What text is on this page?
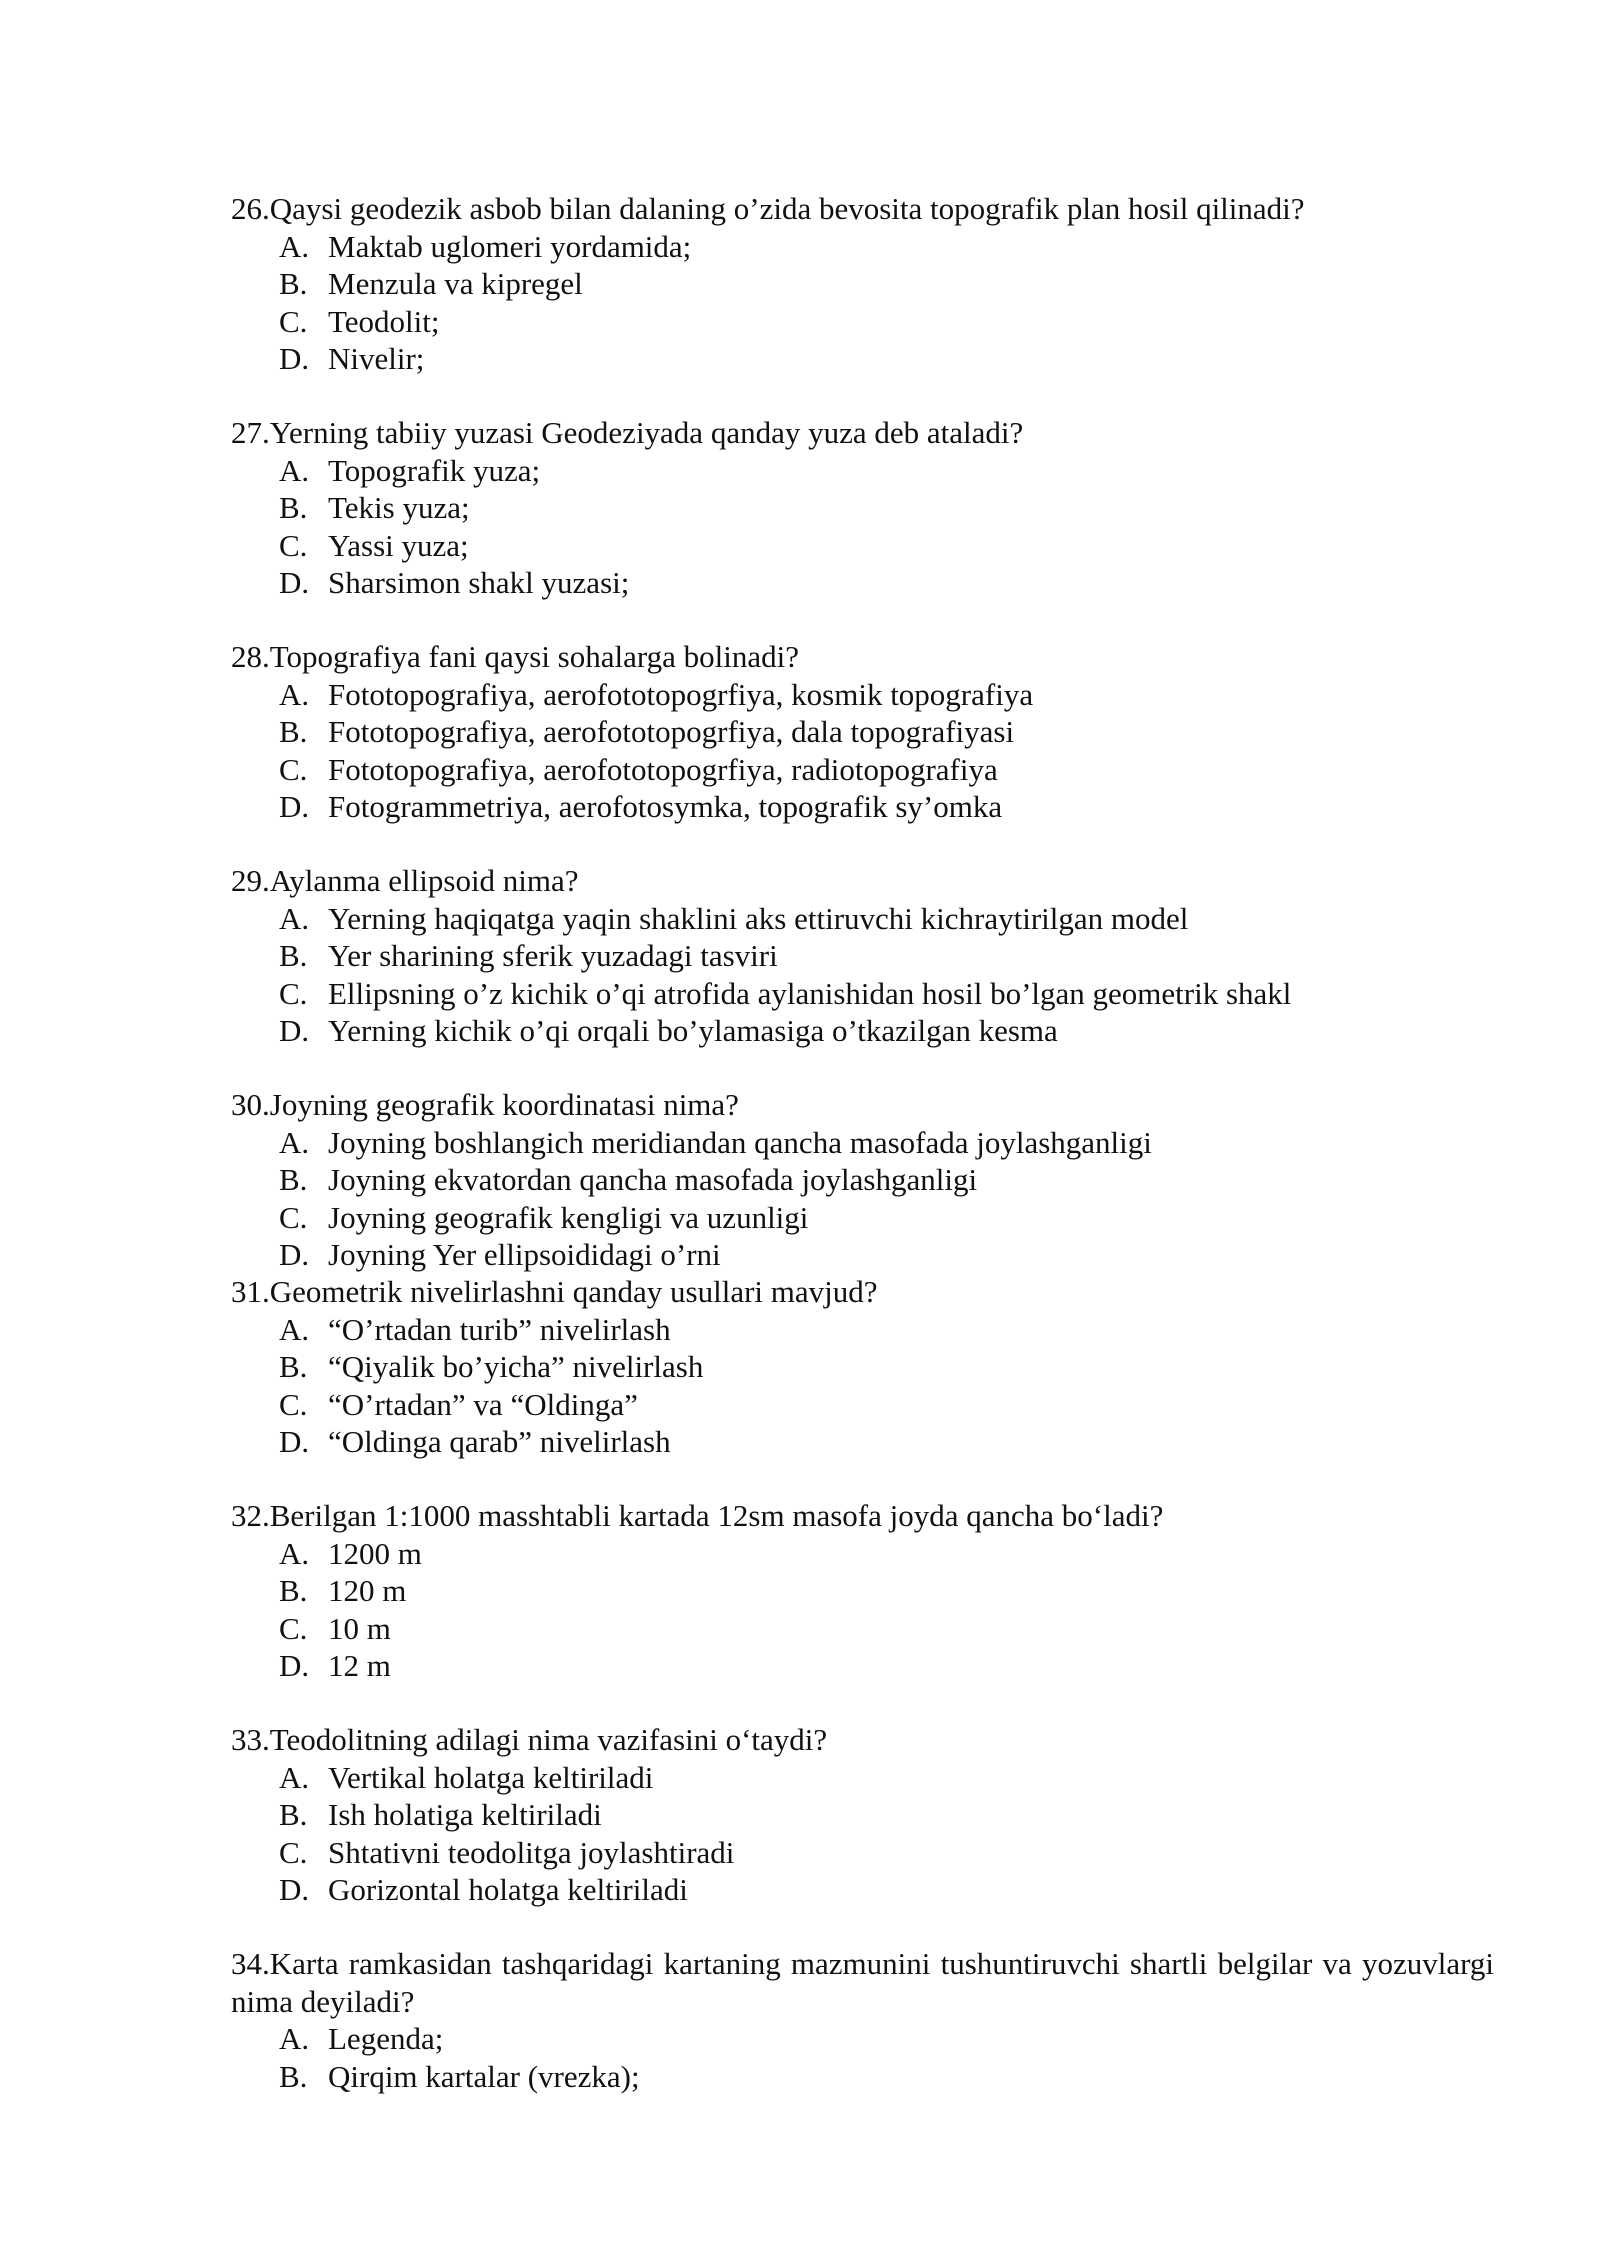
26.Qaysi geodezik asbob bilan dalaning o’zida bevosita topografik plan hosil qilinadi?
A. Maktab uglomeri yordamida;
B. Menzula va kipregel
C. Teodolit;
D. Nivelir;
27.Yerning tabiiy yuzasi Geodeziyada qanday yuza deb ataladi?
A. Topografik yuza;
B. Tekis yuza;
C. Yassi yuza;
D. Sharsimon shakl yuzasi;
28.Topografiya fani qaysi sohalarga bolinadi?
A. Fototopografiya, aerofototopogrfiya, kosmik topografiya
B. Fototopografiya, aerofototopogrfiya, dala topografiyasi
C. Fototopografiya, aerofototopogrfiya, radiotopografiya
D. Fotogrammetriya, aerofotosymka, topografik sy’omka
29.Aylanma ellipsoid nima?
A. Yerning haqiqatga yaqin shaklini aks ettiruvchi kichraytirilgan model
B. Yer sharining sferik yuzadagi tasviri
C. Ellipsning o’z kichik o’qi atrofida aylanishidan hosil bo’lgan geometrik shakl
D. Yerning kichik o’qi orqali bo’ylamasiga o’tkazilgan kesma
30.Joyning geografik koordinatasi nima?
A. Joyning boshlangich meridiandan qancha masofada joylashganligi
B. Joyning ekvatordan qancha masofada joylashganligi
C. Joyning geografik kengligi va uzunligi
D. Joyning Yer ellipsoididagi o’rni
31.Geometrik nivelirlashni qanday usullari mavjud?
A. “O’rtadan turib” nivelirlash
B. “Qiyalik bo’yicha” nivelirlash
C. “O’rtadan” va “Oldinga”
D. “Oldinga qarab” nivelirlash
32.Berilgan 1:1000 masshtabli kartada 12sm masofa joyda qancha bo‘ladi?
A. 1200 m
B. 120 m
C. 10 m
D. 12 m
33.Teodolitning adilagi nima vazifasini o‘taydi?
A. Vertikal holatga keltiriladi
B. Ish holatiga keltiriladi
C. Shtativni teodolitga joylashtiradi
D. Gorizontal holatga keltiriladi
34.Karta ramkasidan tashqaridagi kartaning mazmunini tushuntiruvchi shartli belgilar va yozuvlargi nima deyiladi?
A. Legenda;
B. Qirqim kartalar (vrezka);
